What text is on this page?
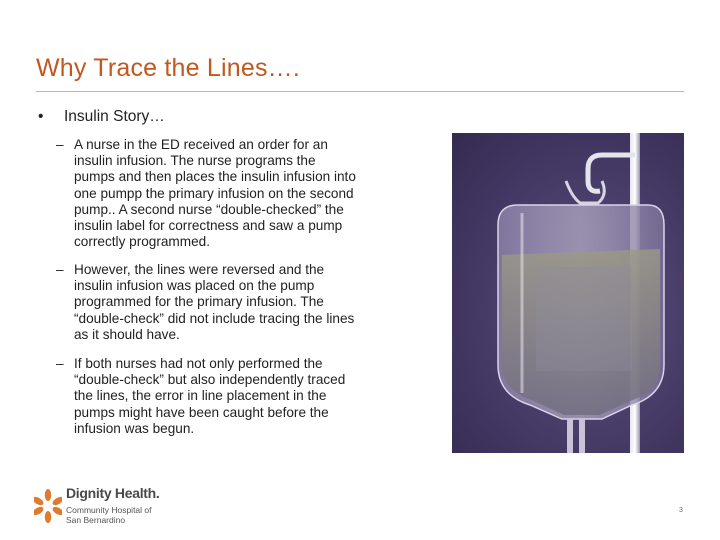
Why Trace the Lines….
• Insulin Story…
– A nurse in the ED received an order for an
insulin infusion. The nurse programs the
pumps and then places the insulin infusion into
one pumpp the primary infusion on the second
pump.. A second nurse “double-checked” the
insulin label for correctness and saw a pump
correctly programmed.
– However, the lines were reversed and the
insulin infusion was placed on the pump
programmed for the primary infusion. The
“double-check” did not include tracing the lines
as it should have.
– If both nurses had not only performed the
“double-check” but also independently traced
the lines, the error in line placement in the
pumps might have been caught before the
infusion was begun.
Dignity Health.
Community Hospital of
San Bernardino
3
